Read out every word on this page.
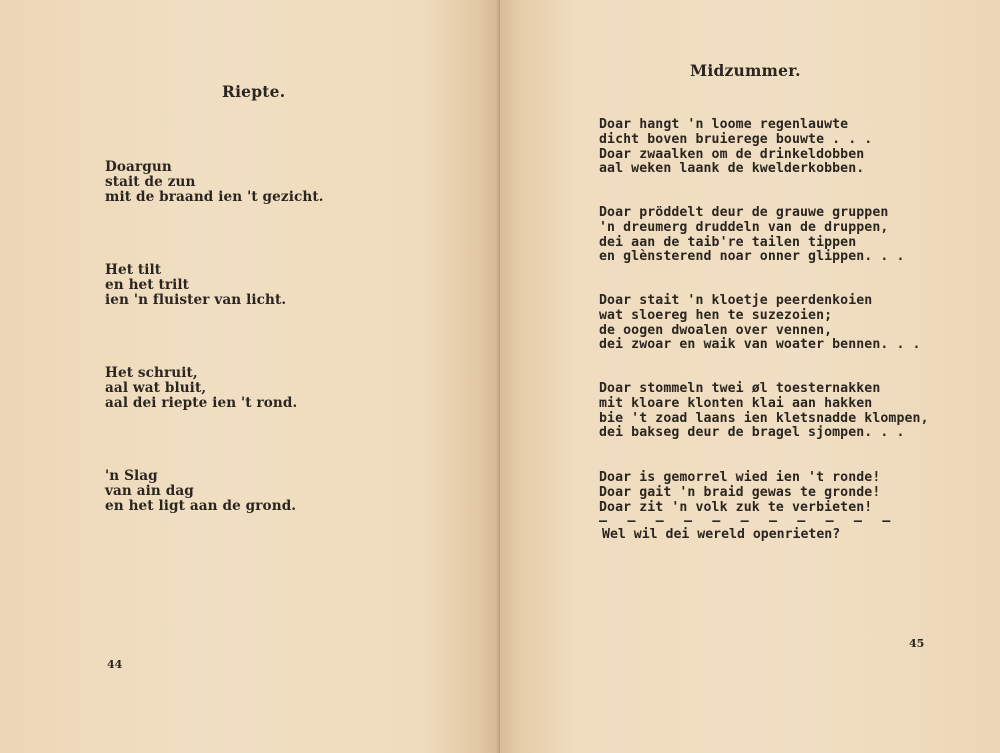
Riepte.
Doargun
stait de zun
mit de braand ien 't gezicht.
Het tilt
en het trilt
ien 'n fluister van licht.
Het schruit,
aal wat bluit,
aal dei riepte ien 't rond.
'n Slag
van ain dag
en het ligt aan de grond.
44
Midzummer.
Doar hangt 'n loome regenlauwte
dicht boven bruierege bouwte . . .
Doar zwaalken om de drinkeldobben
aal weken laank de kwelderkobben.
Doar pröddelt deur de grauwe gruppen
'n dreumerg druddeln van de druppen,
dei aan de taib're tailen tippen
en glènsterend noar onner glippen. . .
Doar stait 'n kloetje peerdenkoien
wat sloereg hen te suzezoien;
de oogen dwoalen over vennen,
dei zwoar en waik van woater bennen. . .
Doar stommeln twei øl toesternakken
mit kloare klonten klai aan hakken
bie 't zoad laans ien kletsnadde klompen,
dei bakseg deur de bragel sjompen. . .
Doar is gemorrel wied ien 't ronde!
Doar gait 'n braid gewas te gronde!
Doar zit 'n volk zuk te verbieten!
— — — — — — — — — — —
Wel wil dei wereld openrieten?
45
